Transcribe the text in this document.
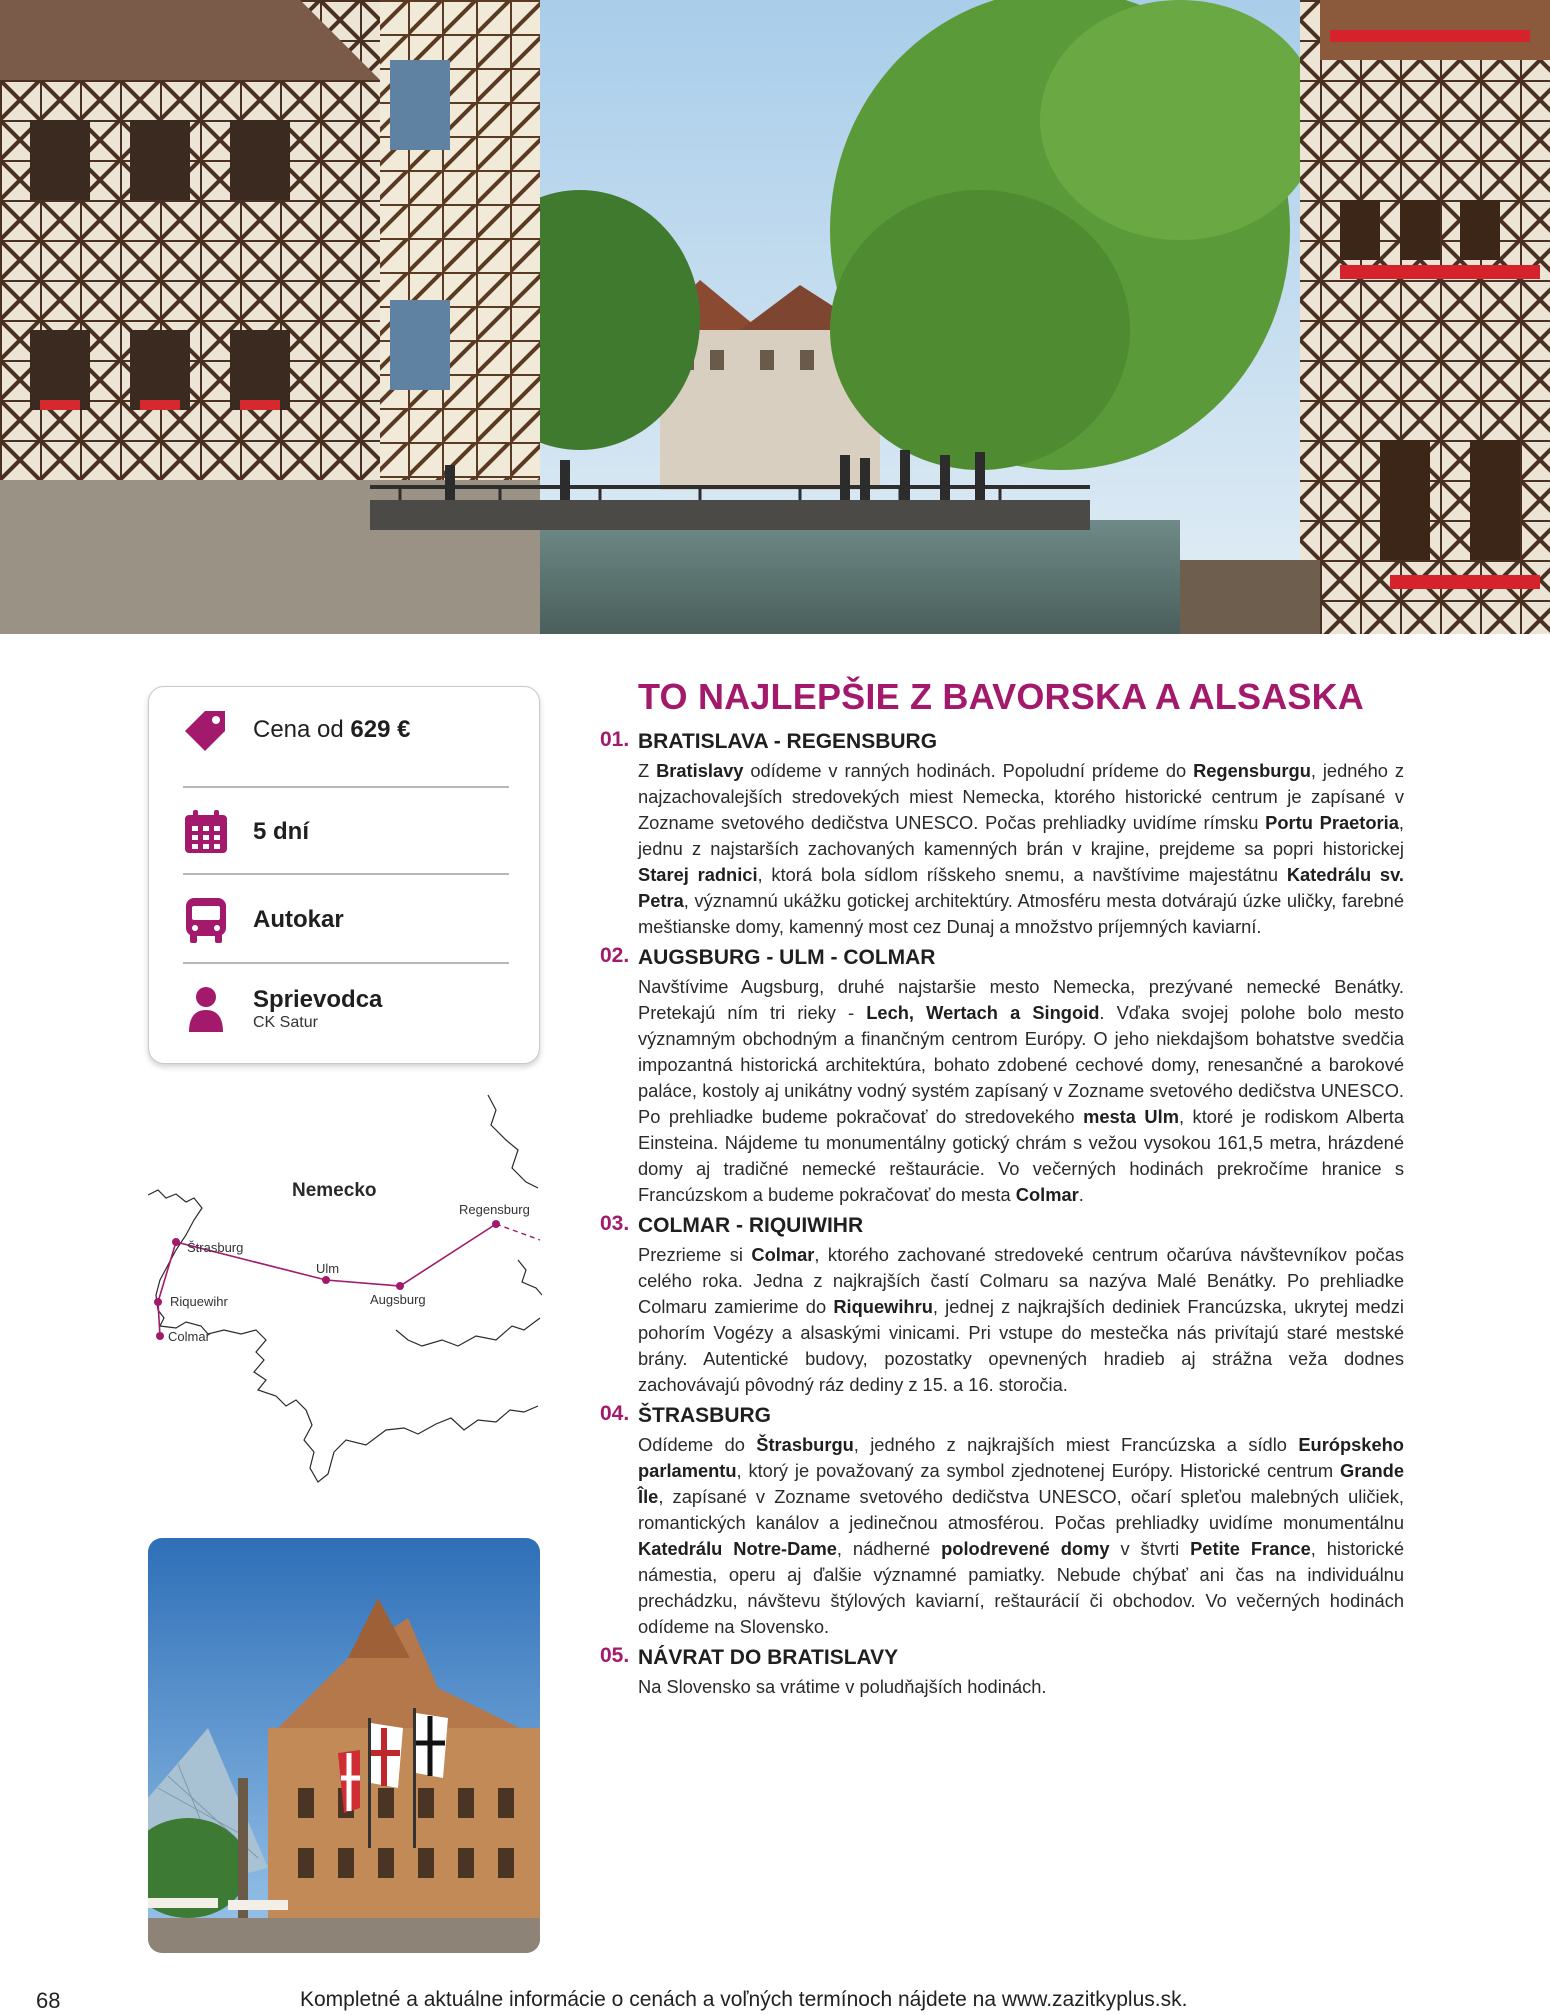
Cena od 629 €
5 dní
Autokar
Sprievodca
CK Satur
Nemecko
Regensburg
Štrasburg
Ulm
Augsburg
Riquewihr
Colmar
TO NAJLEPŠIE Z BAVORSKA A ALSASKA
01. BRATISLAVA - REGENSBURG
Z Bratislavy odídeme v ranných hodinách. Popoludní prídeme do Regensburgu, jedného z najzachovalejších stredovekých miest Nemecka, ktorého historické centrum je zapísané v Zozname svetového dedičstva UNESCO. Počas prehliadky uvidíme rímsku Portu Praetoria, jednu z najstarších zachovaných kamenných brán v krajine, prejdeme sa popri historickej Starej radnici, ktorá bola sídlom ríšskeho snemu, a navštívime majestátnu Katedrálu sv. Petra, významnú ukážku gotickej architektúry. Atmosféru mesta dotvárajú úzke uličky, farebné meštianske domy, kamenný most cez Dunaj a množstvo príjemných kaviarní.
02. AUGSBURG - ULM - COLMAR
Navštívime Augsburg, druhé najstaršie mesto Nemecka, prezývané nemecké Benátky. Pretekajú ním tri rieky - Lech, Wertach a Singoid. Vďaka svojej polohe bolo mesto významným obchodným a finančným centrom Európy. O jeho niekdajšom bohatstve svedčia impozantná historická architektúra, bohato zdobené cechové domy, renesančné a barokové paláce, kostoly aj unikátny vodný systém zapísaný v Zozname svetového dedičstva UNESCO. Po prehliadke budeme pokračovať do stredovekého mesta Ulm, ktoré je rodiskom Alberta Einsteina. Nájdeme tu monumentálny gotický chrám s vežou vysokou 161,5 metra, hrázdené domy aj tradičné nemecké reštaurácie. Vo večerných hodinách prekročíme hranice s Francúzskom a budeme pokračovať do mesta Colmar.
03. COLMAR - RIQUIWIHR
Prezrieme si Colmar, ktorého zachované stredoveké centrum očarúva návštevníkov počas celého roka. Jedna z najkrajších častí Colmaru sa nazýva Malé Benátky. Po prehliadke Colmaru zamierime do Riquewihru, jednej z najkrajších dediniek Francúzska, ukrytej medzi pohorím Vogézy a alsaskými vinicami. Pri vstupe do mestečka nás privítajú staré mestské brány. Autentické budovy, pozostatky opevnených hradieb aj strážna veža dodnes zachovávajú pôvodný ráz dediny z 15. a 16. storočia.
04. ŠTRASBURG
Odídeme do Štrasburgu, jedného z najkrajších miest Francúzska a sídlo Európskeho parlamentu, ktorý je považovaný za symbol zjednotenej Európy. Historické centrum Grande Île, zapísané v Zozname svetového dedičstva UNESCO, očarí spleťou malebných uličiek, romantických kanálov a jedinečnou atmosférou. Počas prehliadky uvidíme monumentálnu Katedrálu Notre-Dame, nádherné polodrevené domy v štvrti Petite France, historické námestia, operu aj ďalšie významné pamiatky. Nebude chýbať ani čas na individuálnu prechádzku, návštevu štýlových kaviarní, reštaurácií či obchodov. Vo večerných hodinách odídeme na Slovensko.
05. NÁVRAT DO BRATISLAVY
Na Slovensko sa vrátime v poludňajších hodinách.
68	Kompletné a aktuálne informácie o cenách a voľných termínoch nájdete na www.zazitkyplus.sk.
